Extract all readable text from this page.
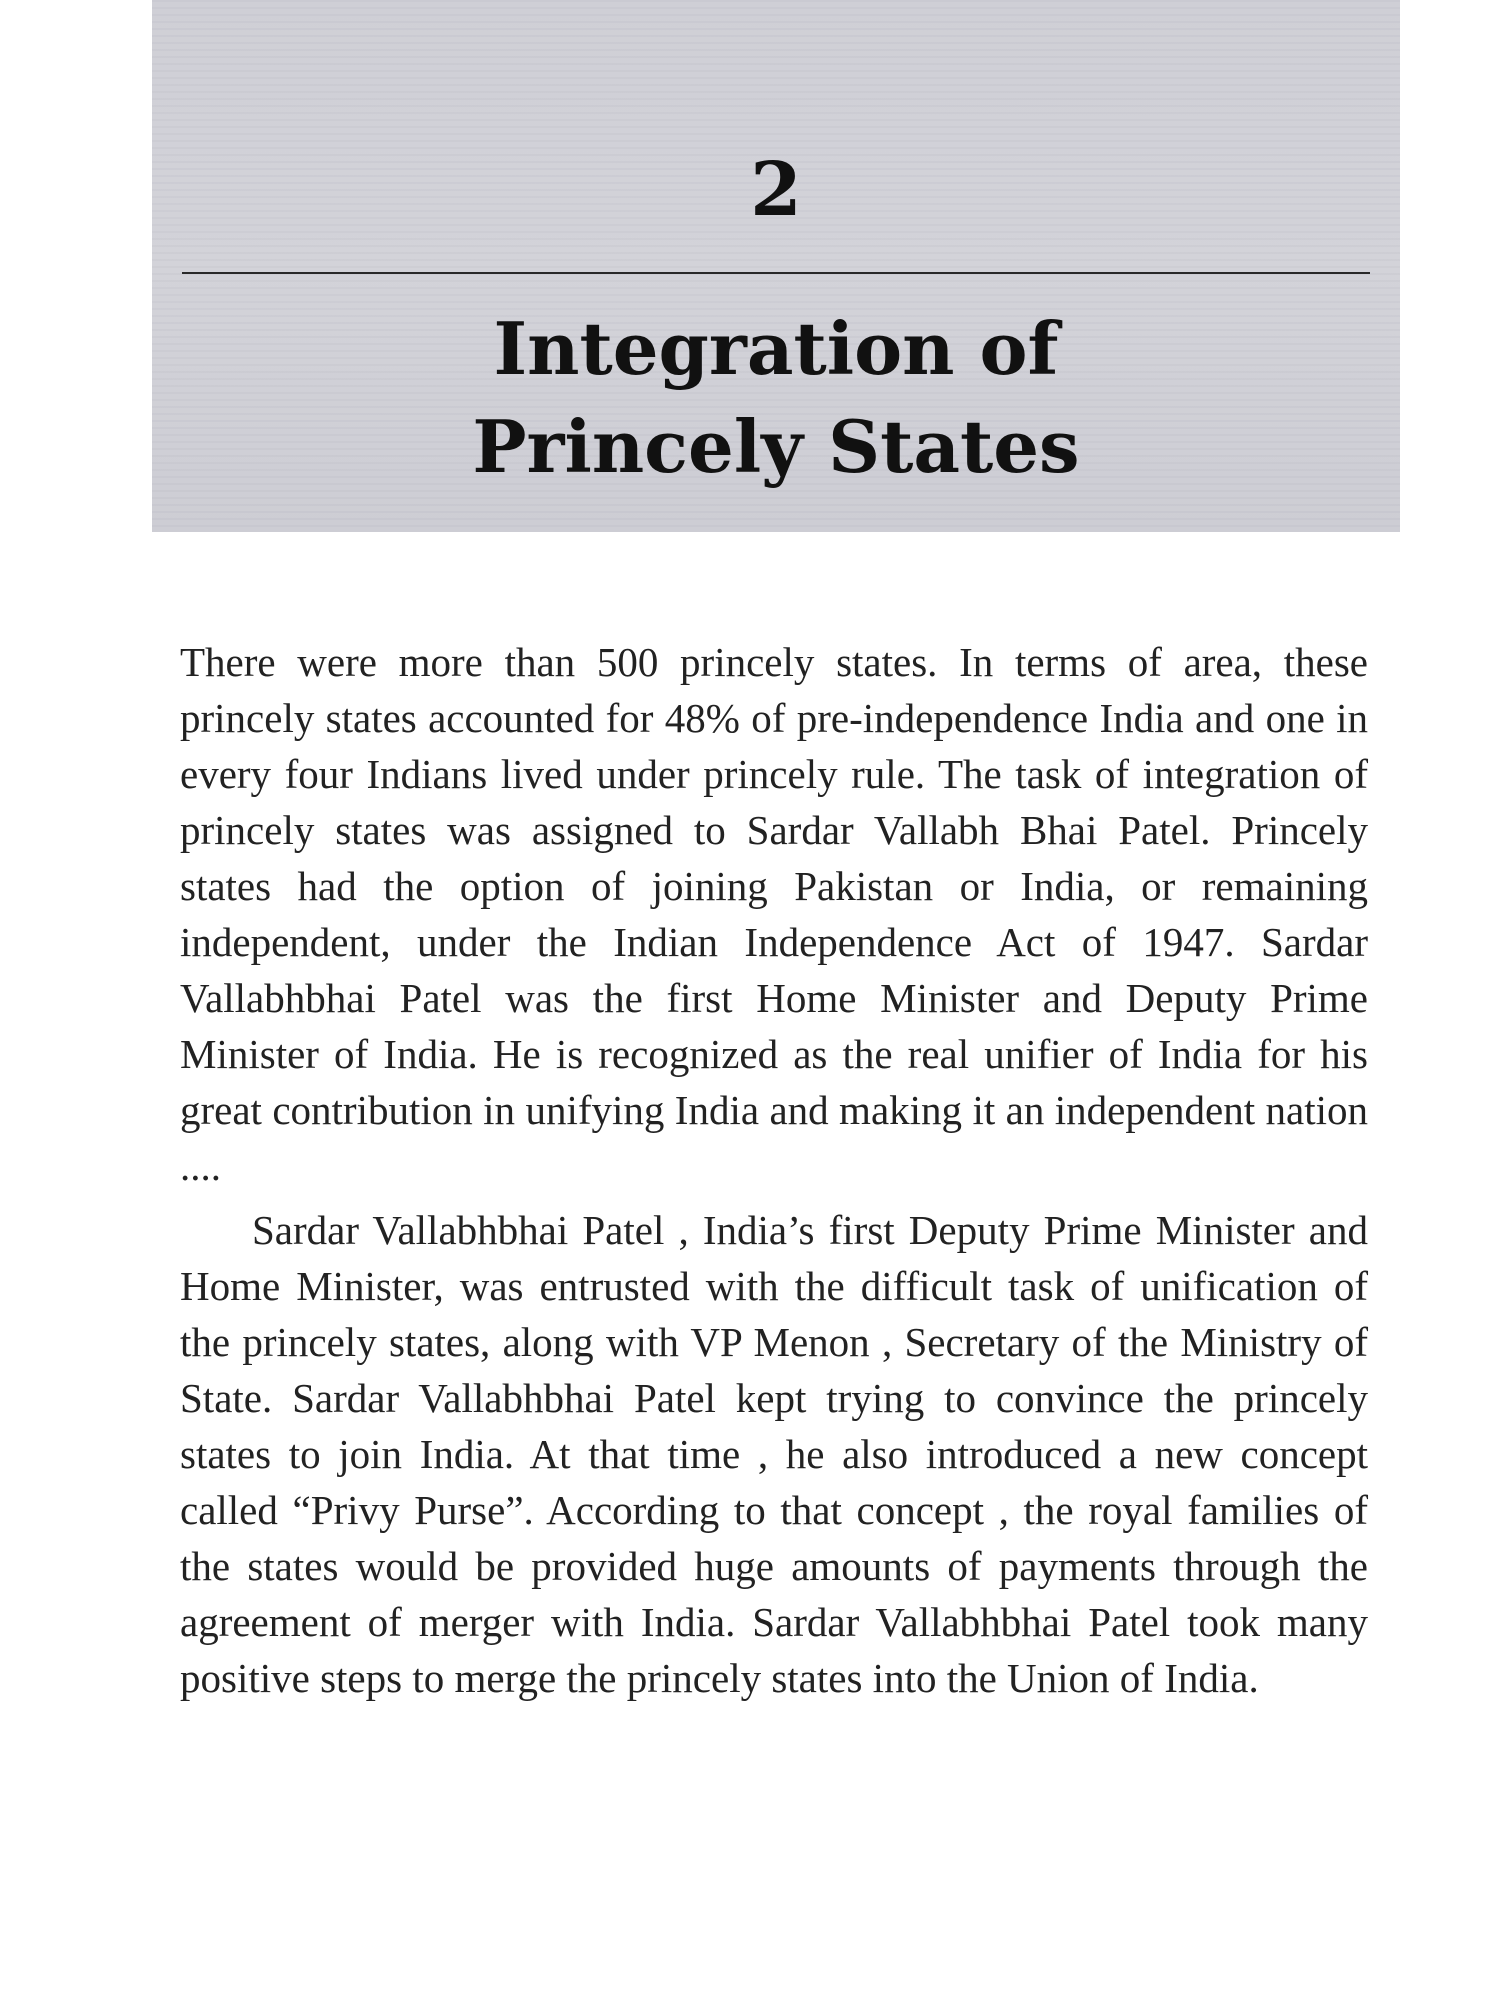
2
Integration of
Princely States

There were more than 500 princely states. In terms of area, these princely states accounted for 48% of pre-independence India and one in every four Indians lived under princely rule. The task of integration of princely states was assigned to Sardar Vallabh Bhai Patel. Princely states had the option of joining Pakistan or India, or remaining independent, under the Indian Independence Act of 1947. Sardar Vallabhbhai Patel was the first Home Minister and Deputy Prime Minister of India. He is recognized as the real unifier of India for his great contribution in unifying India and making it an independent nation ....

Sardar Vallabhbhai Patel , India’s first Deputy Prime Minister and Home Minister, was entrusted with the difficult task of unification of the princely states, along with VP Menon , Secretary of the Ministry of State. Sardar Vallabhbhai Patel kept trying to convince the princely states to join India. At that time , he also introduced a new concept called “Privy Purse”. According to that concept , the royal families of the states would be provided huge amounts of payments through the agreement of merger with India. Sardar Vallabhbhai Patel took many positive steps to merge the princely states into the Union of India.
